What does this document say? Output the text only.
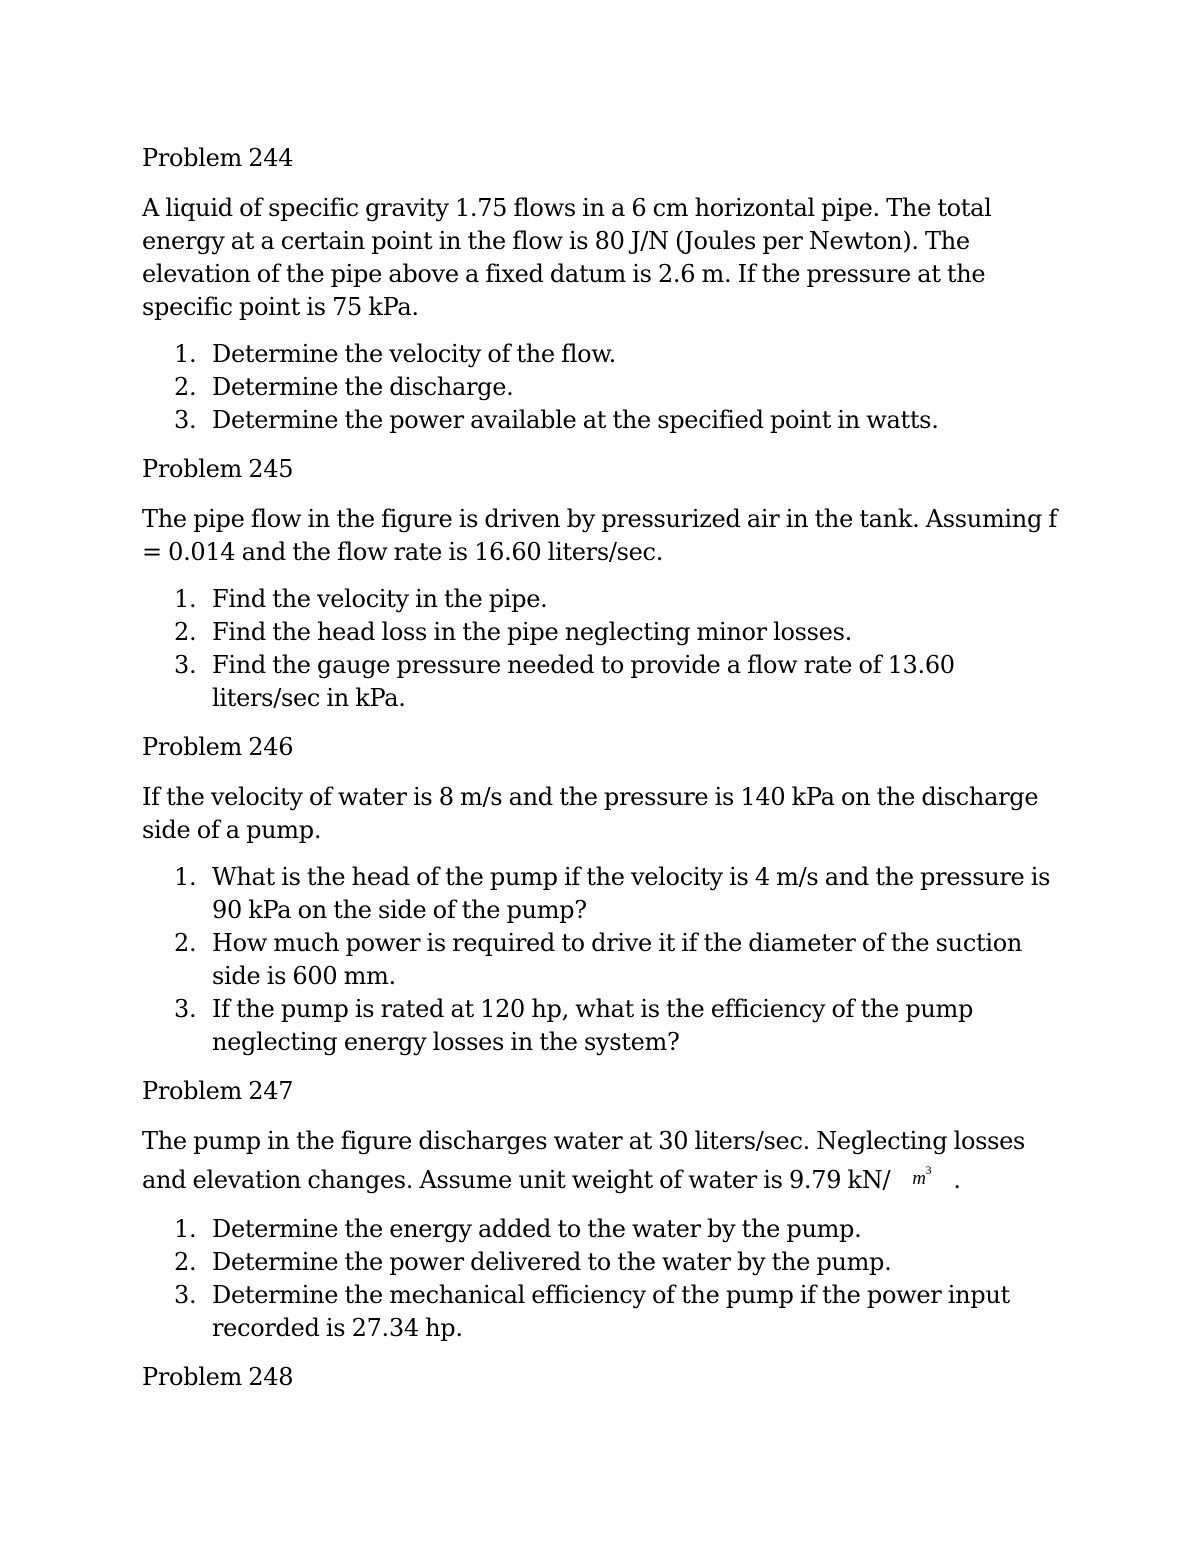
Problem 244
A liquid of specific gravity 1.75 flows in a 6 cm horizontal pipe. The total energy at a certain point in the flow is 80 J/N (Joules per Newton). The elevation of the pipe above a fixed datum is 2.6 m. If the pressure at the specific point is 75 kPa.
1. Determine the velocity of the flow.
2. Determine the discharge.
3. Determine the power available at the specified point in watts.
Problem 245
The pipe flow in the figure is driven by pressurized air in the tank. Assuming f = 0.014 and the flow rate is 16.60 liters/sec.
1. Find the velocity in the pipe.
2. Find the head loss in the pipe neglecting minor losses.
3. Find the gauge pressure needed to provide a flow rate of 13.60 liters/sec in kPa.
Problem 246
If the velocity of water is 8 m/s and the pressure is 140 kPa on the discharge side of a pump.
1. What is the head of the pump if the velocity is 4 m/s and the pressure is 90 kPa on the side of the pump?
2. How much power is required to drive it if the diameter of the suction side is 600 mm.
3. If the pump is rated at 120 hp, what is the efficiency of the pump neglecting energy losses in the system?
Problem 247
The pump in the figure discharges water at 30 liters/sec. Neglecting losses and elevation changes. Assume unit weight of water is 9.79 kN/ $m^3$ .
1. Determine the energy added to the water by the pump.
2. Determine the power delivered to the water by the pump.
3. Determine the mechanical efficiency of the pump if the power input recorded is 27.34 hp.
Problem 248
